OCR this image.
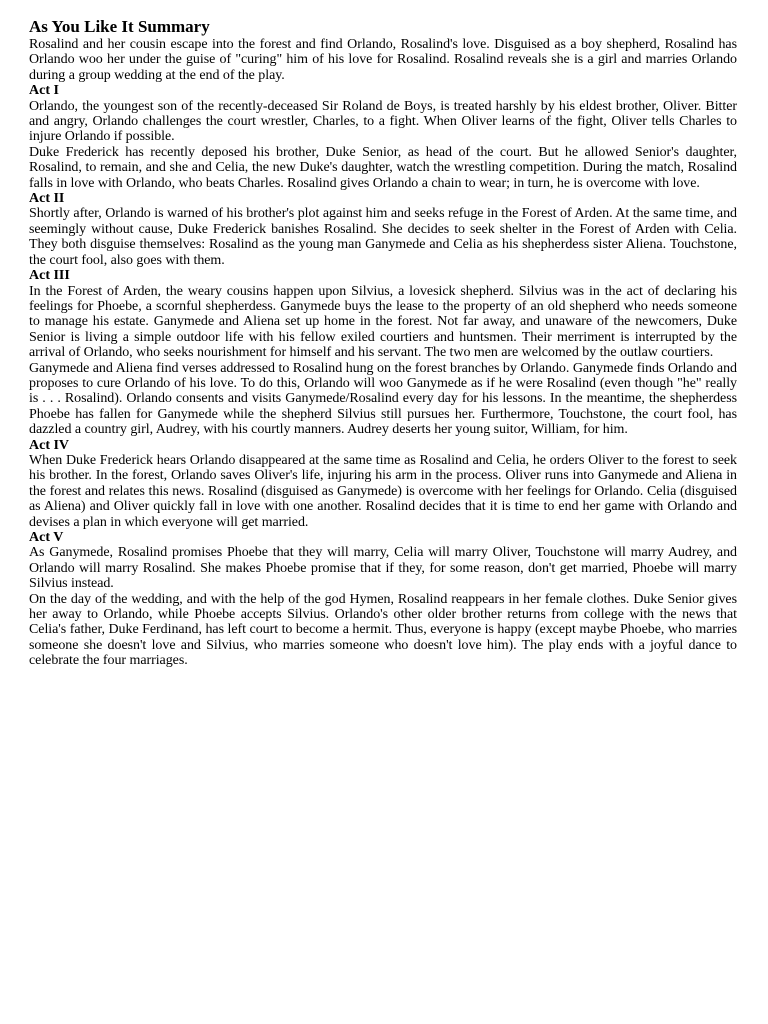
As You Like It Summary

Rosalind and her cousin escape into the forest and find Orlando, Rosalind's love. Disguised as a boy shepherd, Rosalind has Orlando woo her under the guise of "curing" him of his love for Rosalind. Rosalind reveals she is a girl and marries Orlando during a group wedding at the end of the play.

Act I

Orlando, the youngest son of the recently-deceased Sir Roland de Boys, is treated harshly by his eldest brother, Oliver. Bitter and angry, Orlando challenges the court wrestler, Charles, to a fight. When Oliver learns of the fight, Oliver tells Charles to injure Orlando if possible.

Duke Frederick has recently deposed his brother, Duke Senior, as head of the court. But he allowed Senior's daughter, Rosalind, to remain, and she and Celia, the new Duke's daughter, watch the wrestling competition. During the match, Rosalind falls in love with Orlando, who beats Charles. Rosalind gives Orlando a chain to wear; in turn, he is overcome with love.

Act II

Shortly after, Orlando is warned of his brother's plot against him and seeks refuge in the Forest of Arden. At the same time, and seemingly without cause, Duke Frederick banishes Rosalind. She decides to seek shelter in the Forest of Arden with Celia. They both disguise themselves: Rosalind as the young man Ganymede and Celia as his shepherdess sister Aliena. Touchstone, the court fool, also goes with them.

Act III

In the Forest of Arden, the weary cousins happen upon Silvius, a lovesick shepherd. Silvius was in the act of declaring his feelings for Phoebe, a scornful shepherdess. Ganymede buys the lease to the property of an old shepherd who needs someone to manage his estate. Ganymede and Aliena set up home in the forest. Not far away, and unaware of the newcomers, Duke Senior is living a simple outdoor life with his fellow exiled courtiers and huntsmen. Their merriment is interrupted by the arrival of Orlando, who seeks nourishment for himself and his servant. The two men are welcomed by the outlaw courtiers.

Ganymede and Aliena find verses addressed to Rosalind hung on the forest branches by Orlando. Ganymede finds Orlando and proposes to cure Orlando of his love. To do this, Orlando will woo Ganymede as if he were Rosalind (even though "he" really is . . . Rosalind). Orlando consents and visits Ganymede/Rosalind every day for his lessons. In the meantime, the shepherdess Phoebe has fallen for Ganymede while the shepherd Silvius still pursues her. Furthermore, Touchstone, the court fool, has dazzled a country girl, Audrey, with his courtly manners. Audrey deserts her young suitor, William, for him.

Act IV

When Duke Frederick hears Orlando disappeared at the same time as Rosalind and Celia, he orders Oliver to the forest to seek his brother. In the forest, Orlando saves Oliver's life, injuring his arm in the process. Oliver runs into Ganymede and Aliena in the forest and relates this news. Rosalind (disguised as Ganymede) is overcome with her feelings for Orlando. Celia (disguised as Aliena) and Oliver quickly fall in love with one another. Rosalind decides that it is time to end her game with Orlando and devises a plan in which everyone will get married.

Act V

As Ganymede, Rosalind promises Phoebe that they will marry, Celia will marry Oliver, Touchstone will marry Audrey, and Orlando will marry Rosalind. She makes Phoebe promise that if they, for some reason, don't get married, Phoebe will marry Silvius instead.

On the day of the wedding, and with the help of the god Hymen, Rosalind reappears in her female clothes. Duke Senior gives her away to Orlando, while Phoebe accepts Silvius. Orlando's other older brother returns from college with the news that Celia's father, Duke Ferdinand, has left court to become a hermit. Thus, everyone is happy (except maybe Phoebe, who marries someone she doesn't love and Silvius, who marries someone who doesn't love him). The play ends with a joyful dance to celebrate the four marriages.
